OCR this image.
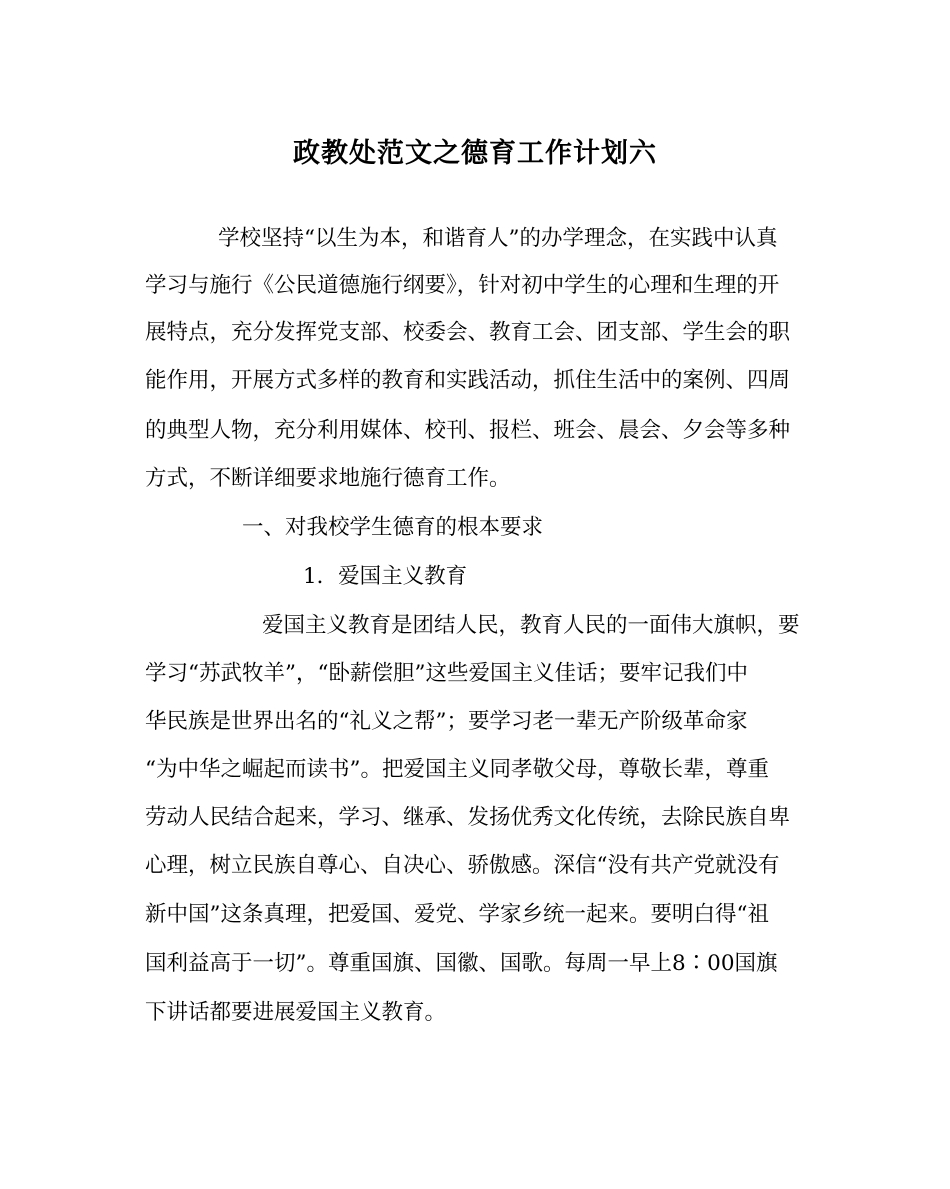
政教处范文之德育工作计划六

学校坚持“以生为本，和谐育人”的办学理念，在实践中认真

学习与施行《公民道德施行纲要》，针对初中学生的心理和生理的开

展特点，充分发挥党支部、校委会、教育工会、团支部、学生会的职

能作用，开展方式多样的教育和实践活动，抓住生活中的案例、四周

的典型人物，充分利用媒体、校刊、报栏、班会、晨会、夕会等多种

方式，不断详细要求地施行德育工作。

一、对我校学生德育的根本要求

1．爱国主义教育

爱国主义教育是团结人民，教育人民的一面伟大旗帜，要

学习“苏武牧羊”，“卧薪偿胆”这些爱国主义佳话；要牢记我们中

华民族是世界出名的“礼义之帮”；要学习老一辈无产阶级革命家

“为中华之崛起而读书”。把爱国主义同孝敬父母，尊敬长辈，尊重

劳动人民结合起来，学习、继承、发扬优秀文化传统，去除民族自卑

心理，树立民族自尊心、自决心、骄傲感。深信“没有共产党就没有

新中国”这条真理，把爱国、爱党、学家乡统一起来。要明白得“祖

国利益高于一切”。尊重国旗、国徽、国歌。每周一早上8∶00国旗

下讲话都要进展爱国主义教育。
